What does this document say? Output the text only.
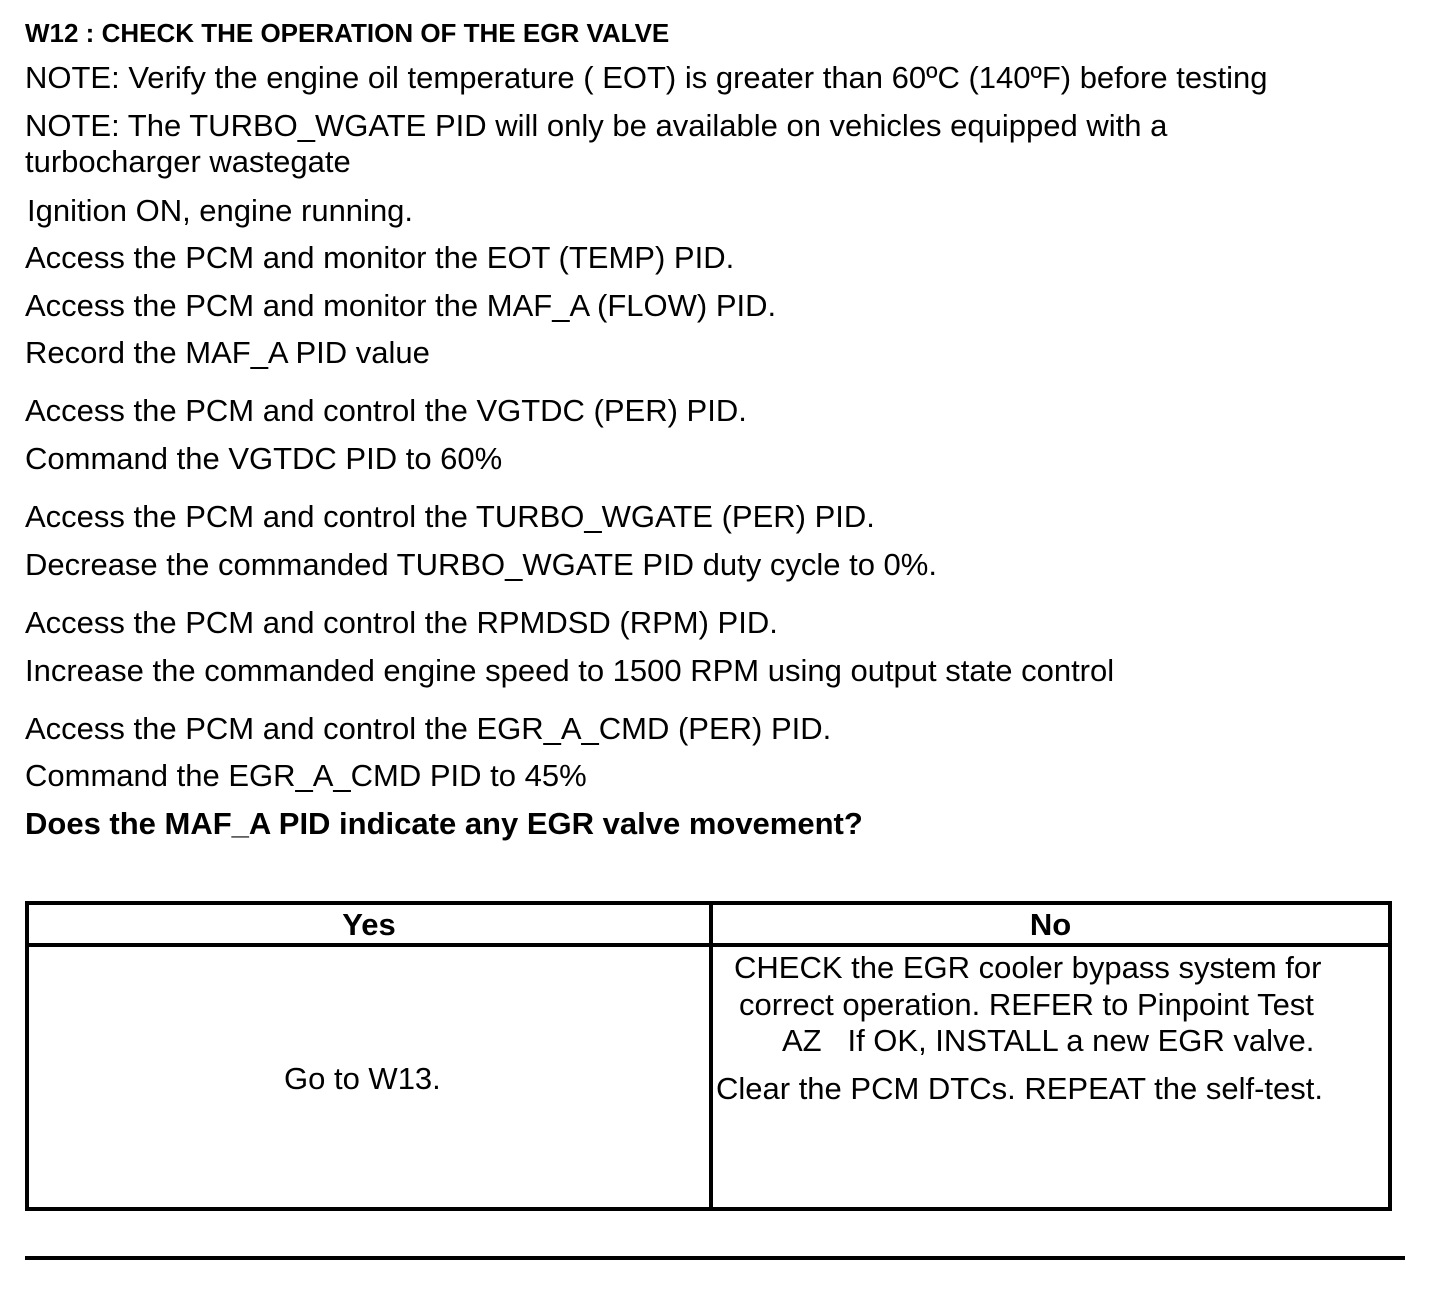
W12 : CHECK THE OPERATION OF THE EGR VALVE
NOTE: Verify the engine oil temperature ( EOT) is greater than 60ºC (140ºF) before testing
NOTE: The TURBO_WGATE PID will only be available on vehicles equipped with a
turbocharger wastegate
Ignition ON, engine running.
Access the PCM and monitor the EOT (TEMP) PID.
Access the PCM and monitor the MAF_A (FLOW) PID.
Record the MAF_A PID value
Access the PCM and control the VGTDC (PER) PID.
Command the VGTDC PID to 60%
Access the PCM and control the TURBO_WGATE (PER) PID.
Decrease the commanded TURBO_WGATE PID duty cycle to 0%.
Access the PCM and control the RPMDSD (RPM) PID.
Increase the commanded engine speed to 1500 RPM using output state control
Access the PCM and control the EGR_A_CMD (PER) PID.
Command the EGR_A_CMD PID to 45%
Does the MAF_A PID indicate any EGR valve movement?
Yes	No
Go to W13.
CHECK the EGR cooler bypass system for
correct operation. REFER to Pinpoint Test
AZ   If OK, INSTALL a new EGR valve.
Clear the PCM DTCs. REPEAT the self-test.
